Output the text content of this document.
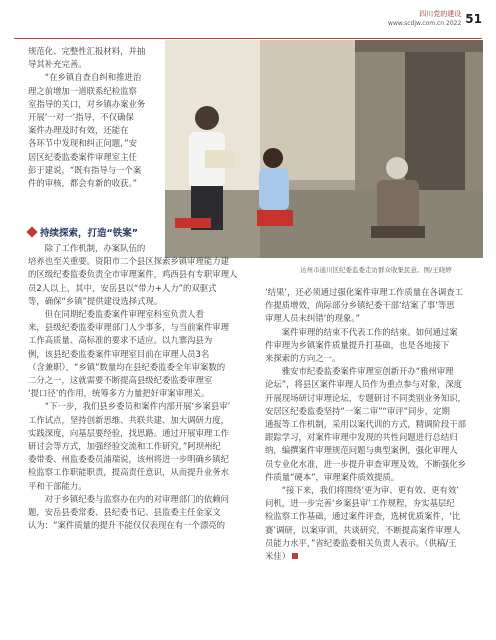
四川党的建设
www.scdjw.com.cn 2022 51

规范化、完整性汇报材料，并抽

导其补充完善。

“在乡镇自查自纠和推进治

理之前增加一道联系纪检监察

室指导的关口，对乡镇办案业务

开展‘一对一’指导，不仅确保

案件办理及时有效，还能在

各环节中发现和纠正问题，”安

居区纪委监委案件审理室主任

彭于建说，“既有指导与一个案

件的审核，都会有新的收获。”

持续探索，打造“铁案”
达州市通川区纪委监委走访群众收集民意。图/王晓婷

除了工作机制，办案队伍的

培养也至关重要。资阳市二个县区探索乡镇审理能力建

的区级纪委监委负责全市审理案件，鸡西县有专职审理人

员2人以上，其中，安岳县以“带力+人力”的双驱式

等，确保“乡镇”提供建设选择式现。

但在同期纪委监委案件审理室科室负责人看

来，县级纪委监委审理部门人少事多，与当前案件审理

工作高质量、高标准的要求不适应。以九寨沟县为

例，该县纪委监委案件审理室目前在审理人员3名

（含兼职），“乡镇”数量均在县纪委监委全年审案数的

二分之一，这就需要不断提高县级纪委监委审理室

‘提口径’的作用，统筹多方力量把好审案审理关。

“下一步，我们县乡委员和案件内部开展‘乡案县审’

工作试点，坚持创新思维、共联共建、加大调研力度，

实践深度，向基层要经验，找思路。通过开展审理工作

研讨会等方式，加强经验交流和工作研究，”阿坝州纪

委带委、州监委委员浦瑞说，该州将进一步明确乡镇纪

检监察工作职能职责，提高责任意识，从而提升业务水

平和干部能力。

对于乡镇纪委与监察办在内的对审理部门的依赖问

题，安岳县委常委、县纪委书记、县监委主任金家文

认为：“案件质量的提升不能仅仅表现在有一个漂亮的

‘结果’，还必须通过强化案件审理工作质量在各调查工

作提质增效，尚际部分乡镇纪委干部‘结案了事’等思

审理人员未纠错’的现象。”

案件审理的结束不代表工作的结束。如何通过案

件审理为乡镇案件质量提升打基础，也是各地接下

来探索的方向之一。

雅安市纪委监委案件审理室创新开办“雅州审理

论坛”，将县区案件审理人员作为重点参与对象，深度

开展现场研讨审理论坛，专题研讨不同类别业务知识，

安居区纪委监委坚持“一案二审”“审评”同步，定期

通报等工作机制，采用以案代训的方式，精调阶段干部

跟踪学习，对案件审理中发现的共性问题进行总结归

纳，编撰案件审理规范问题与典型案例，强化审理人

员专业化水准，进一步提升审查审理及效，不断强化乡

件质量“硬本”，审理案件质效提质。

“接下来，我们将围绕‘更为审、更有效、更有效’

问机，进一步完善‘乡案县审’工作规程，夯实基层纪

检监察工作基础，通过案件评查，选树优质案件，‘比

赛’调研，以案审训，共谈研究，不断提高案件审理人

员能力水平，”省纪委监委相关负责人表示。（供稿/王

米佳）
